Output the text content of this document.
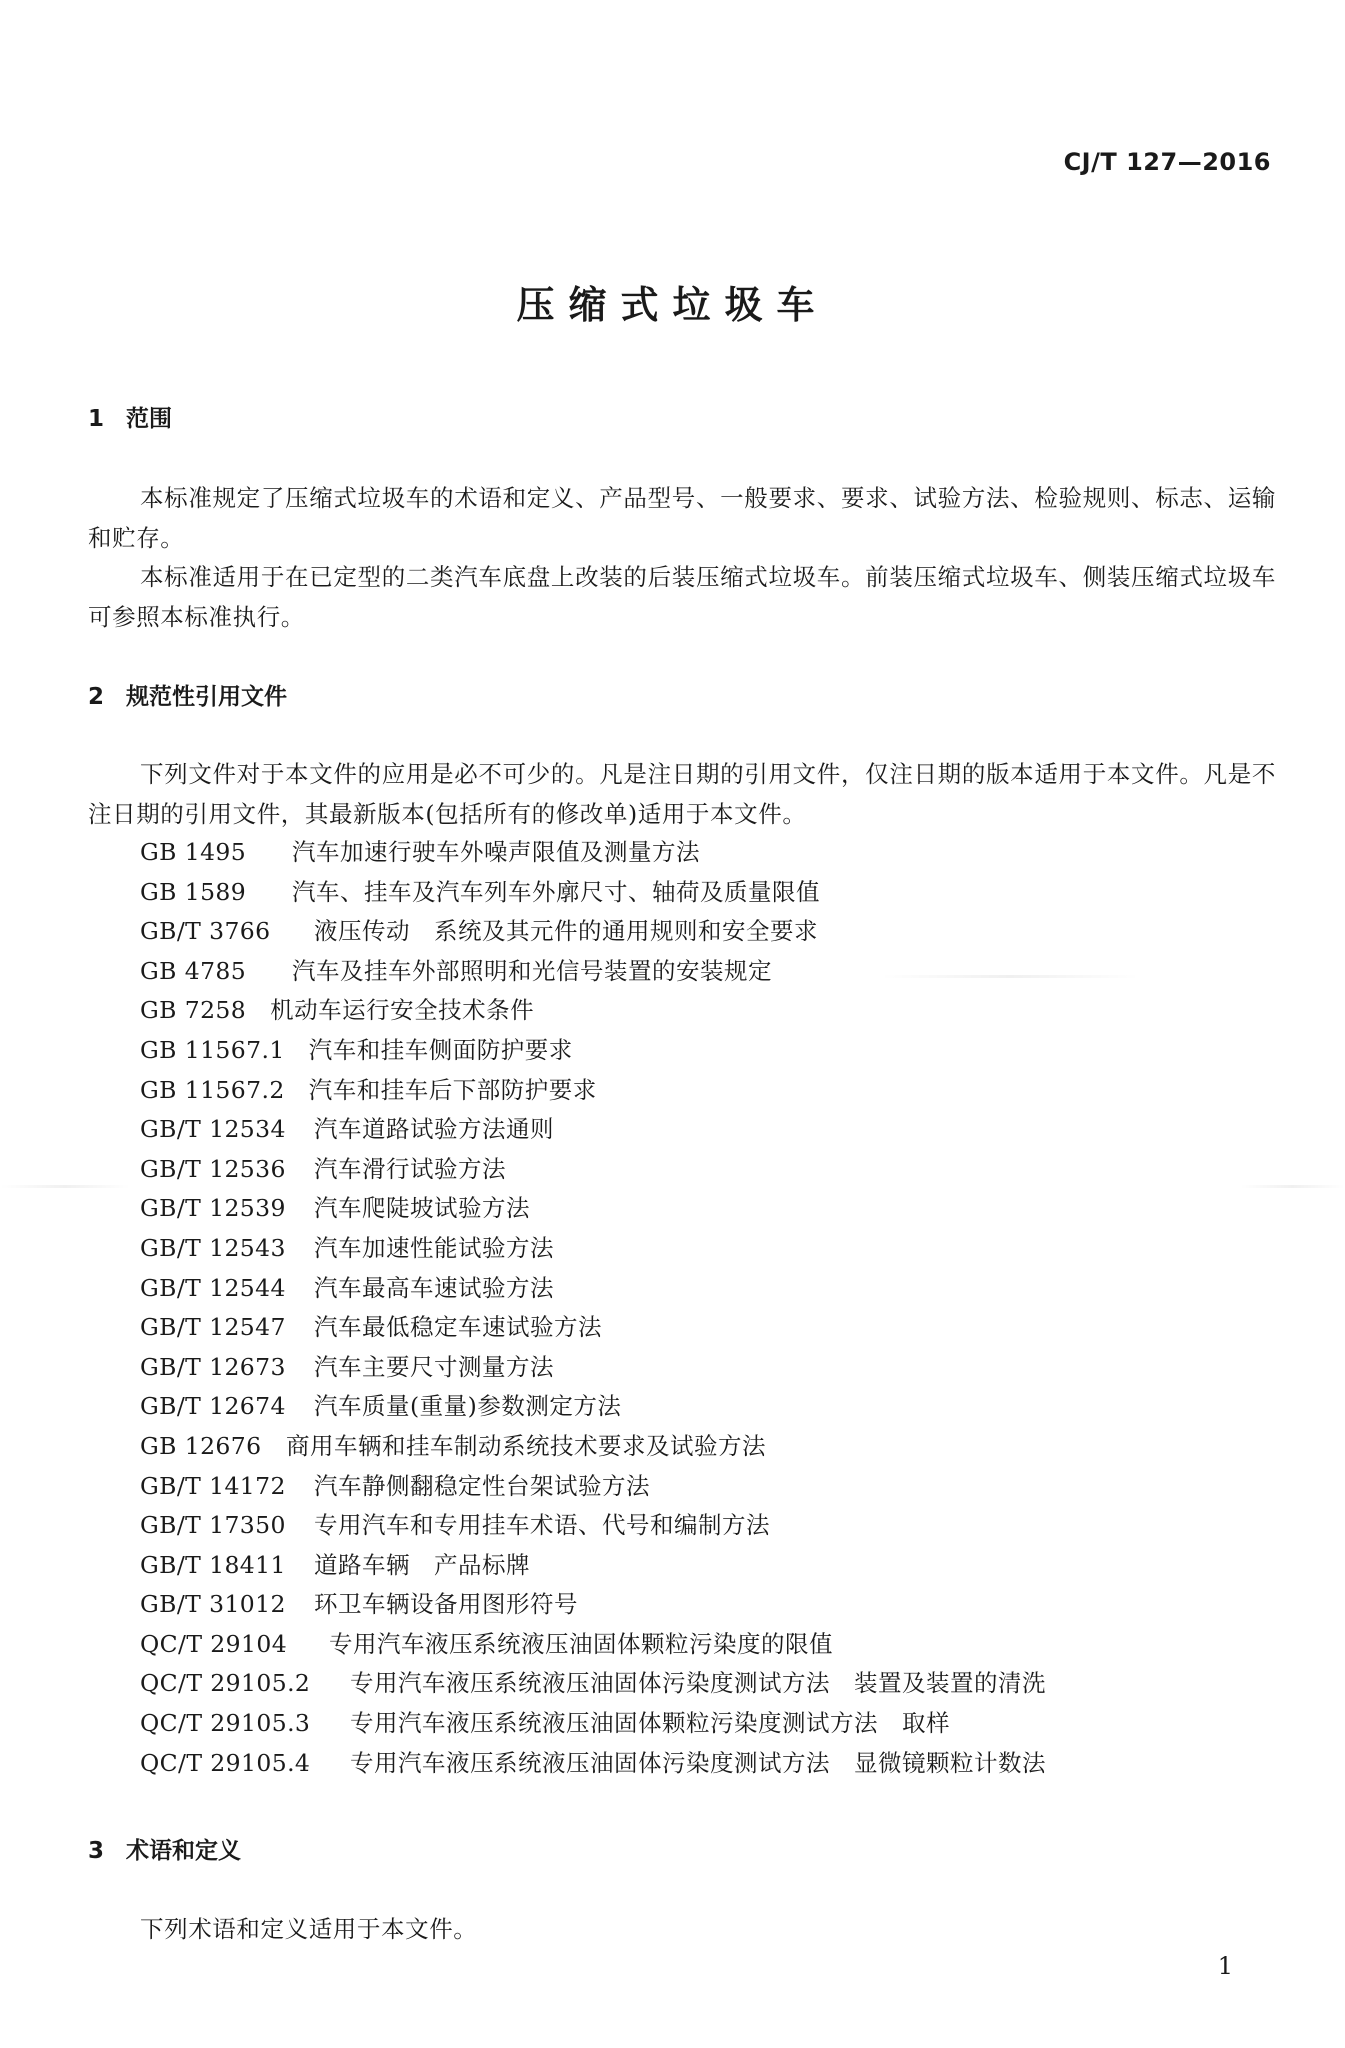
CJ/T 127—2016
压缩式垃圾车
1 范围
本标准规定了压缩式垃圾车的术语和定义、产品型号、一般要求、要求、试验方法、检验规则、标志、运输和贮存。
本标准适用于在已定型的二类汽车底盘上改装的后装压缩式垃圾车。前装压缩式垃圾车、侧装压缩式垃圾车可参照本标准执行。
2 规范性引用文件
下列文件对于本文件的应用是必不可少的。凡是注日期的引用文件，仅注日期的版本适用于本文件。凡是不注日期的引用文件，其最新版本(包括所有的修改单)适用于本文件。
GB 1495 汽车加速行驶车外噪声限值及测量方法
GB 1589 汽车、挂车及汽车列车外廓尺寸、轴荷及质量限值
GB/T 3766 液压传动　系统及其元件的通用规则和安全要求
GB 4785 汽车及挂车外部照明和光信号装置的安装规定
GB 7258 机动车运行安全技术条件
GB 11567.1 汽车和挂车侧面防护要求
GB 11567.2 汽车和挂车后下部防护要求
GB/T 12534 汽车道路试验方法通则
GB/T 12536 汽车滑行试验方法
GB/T 12539 汽车爬陡坡试验方法
GB/T 12543 汽车加速性能试验方法
GB/T 12544 汽车最高车速试验方法
GB/T 12547 汽车最低稳定车速试验方法
GB/T 12673 汽车主要尺寸测量方法
GB/T 12674 汽车质量(重量)参数测定方法
GB 12676 商用车辆和挂车制动系统技术要求及试验方法
GB/T 14172 汽车静侧翻稳定性台架试验方法
GB/T 17350 专用汽车和专用挂车术语、代号和编制方法
GB/T 18411 道路车辆　产品标牌
GB/T 31012 环卫车辆设备用图形符号
QC/T 29104 专用汽车液压系统液压油固体颗粒污染度的限值
QC/T 29105.2 专用汽车液压系统液压油固体污染度测试方法　装置及装置的清洗
QC/T 29105.3 专用汽车液压系统液压油固体颗粒污染度测试方法　取样
QC/T 29105.4 专用汽车液压系统液压油固体污染度测试方法　显微镜颗粒计数法
3 术语和定义
下列术语和定义适用于本文件。
1
